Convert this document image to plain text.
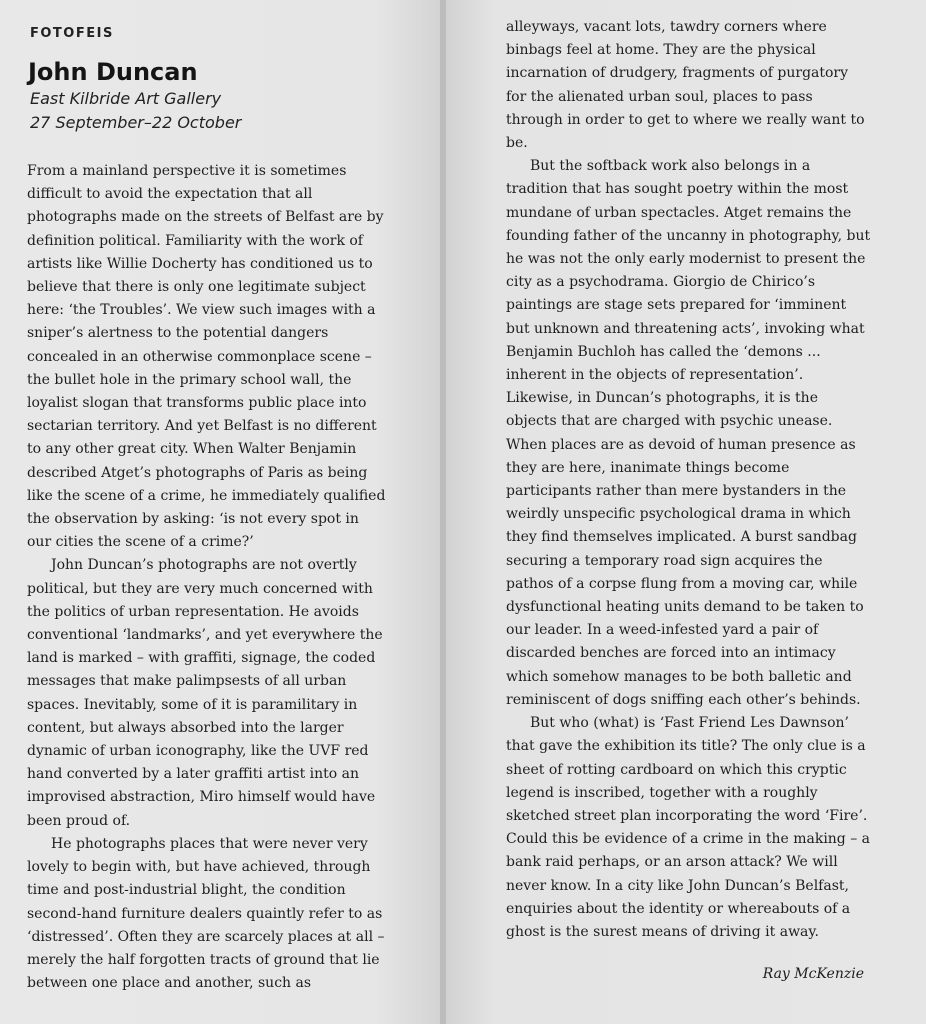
FOTOFEIS
John Duncan
East Kilbride Art Gallery
27 September–22 October

From a mainland perspective it is sometimes difficult to avoid the expectation that all photographs made on the streets of Belfast are by definition political. Familiarity with the work of artists like Willie Docherty has conditioned us to believe that there is only one legitimate subject here: ‘the Troubles’. We view such images with a sniper’s alertness to the potential dangers concealed in an otherwise commonplace scene – the bullet hole in the primary school wall, the loyalist slogan that transforms public place into sectarian territory. And yet Belfast is no different to any other great city. When Walter Benjamin described Atget’s photographs of Paris as being like the scene of a crime, he immediately qualified the observation by asking: ‘is not every spot in our cities the scene of a crime?’

John Duncan’s photographs are not overtly political, but they are very much concerned with the politics of urban representation. He avoids conventional ‘landmarks’, and yet everywhere the land is marked – with graffiti, signage, the coded messages that make palimpsests of all urban spaces. Inevitably, some of it is paramilitary in content, but always absorbed into the larger dynamic of urban iconography, like the UVF red hand converted by a later graffiti artist into an improvised abstraction, Miro himself would have been proud of.

He photographs places that were never very lovely to begin with, but have achieved, through time and post-industrial blight, the condition second-hand furniture dealers quaintly refer to as ‘distressed’. Often they are scarcely places at all – merely the half forgotten tracts of ground that lie between one place and another, such as

alleyways, vacant lots, tawdry corners where binbags feel at home. They are the physical incarnation of drudgery, fragments of purgatory for the alienated urban soul, places to pass through in order to get to where we really want to be.

But the softback work also belongs in a tradition that has sought poetry within the most mundane of urban spectacles. Atget remains the founding father of the uncanny in photography, but he was not the only early modernist to present the city as a psychodrama. Giorgio de Chirico’s paintings are stage sets prepared for ‘imminent but unknown and threatening acts’, invoking what Benjamin Buchloh has called the ‘demons ... inherent in the objects of representation’. Likewise, in Duncan’s photographs, it is the objects that are charged with psychic unease. When places are as devoid of human presence as they are here, inanimate things become participants rather than mere bystanders in the weirdly unspecific psychological drama in which they find themselves implicated. A burst sandbag securing a temporary road sign acquires the pathos of a corpse flung from a moving car, while dysfunctional heating units demand to be taken to our leader. In a weed-infested yard a pair of discarded benches are forced into an intimacy which somehow manages to be both balletic and reminiscent of dogs sniffing each other’s behinds.

But who (what) is ‘Fast Friend Les Dawnson’ that gave the exhibition its title? The only clue is a sheet of rotting cardboard on which this cryptic legend is inscribed, together with a roughly sketched street plan incorporating the word ‘Fire’. Could this be evidence of a crime in the making – a bank raid perhaps, or an arson attack? We will never know. In a city like John Duncan’s Belfast, enquiries about the identity or whereabouts of a ghost is the surest means of driving it away.

Ray McKenzie
